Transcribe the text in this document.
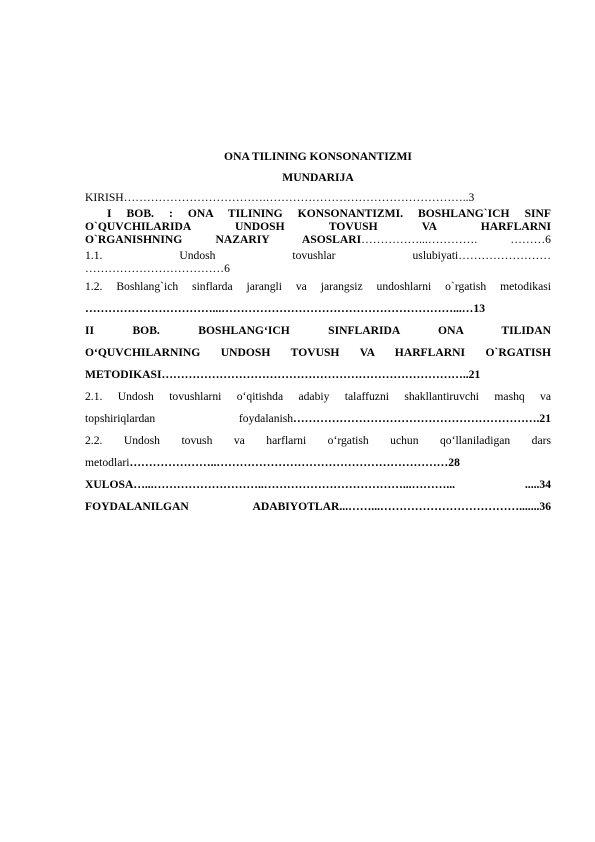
ONA TILINING KONSONANTIZMI

MUNDARIJA

KIRISH……………………………….……………………………………………..3

I BOB. : ONA TILINING KONSONANTIZMI. BOSHLANG`ICH SINF

O`QUVCHILARIDA UNDOSH TOVUSH VA HARFLARNI

O`RGANISHNING NAZARIY ASOSLARI……………...…………. ………6

1.1. Undosh tovushlar uslubiyati……………………

………………………………6

1.2. Boshlang`ich sinflarda jarangli va jarangsiz undoshlarni o`rgatish metodikasi

……………………………...……………………………………………………...…13

II BOB. BOSHLANG‘ICH SINFLARIDA ONA TILIDAN

O‘QUVCHILARNING UNDOSH TOVUSH VA HARFLARNI O`RGATISH

METODIKASI……………………………………………………………………..21

2.1. Undosh tovushlarni o‘qitishda adabiy talaffuzni shakllantiruvchi mashq va

topshiriqlardan foydalanish……………………………………………………….21

2.2. Undosh tovush va harflarni o‘rgatish uchun qo‘llaniladigan dars

metodlari…………………..……………………………………………………28

XULOSA…...………………………..………………………………...………... .....34

FOYDALANILGAN ADABIYOTLAR...……...……………………………….......36
